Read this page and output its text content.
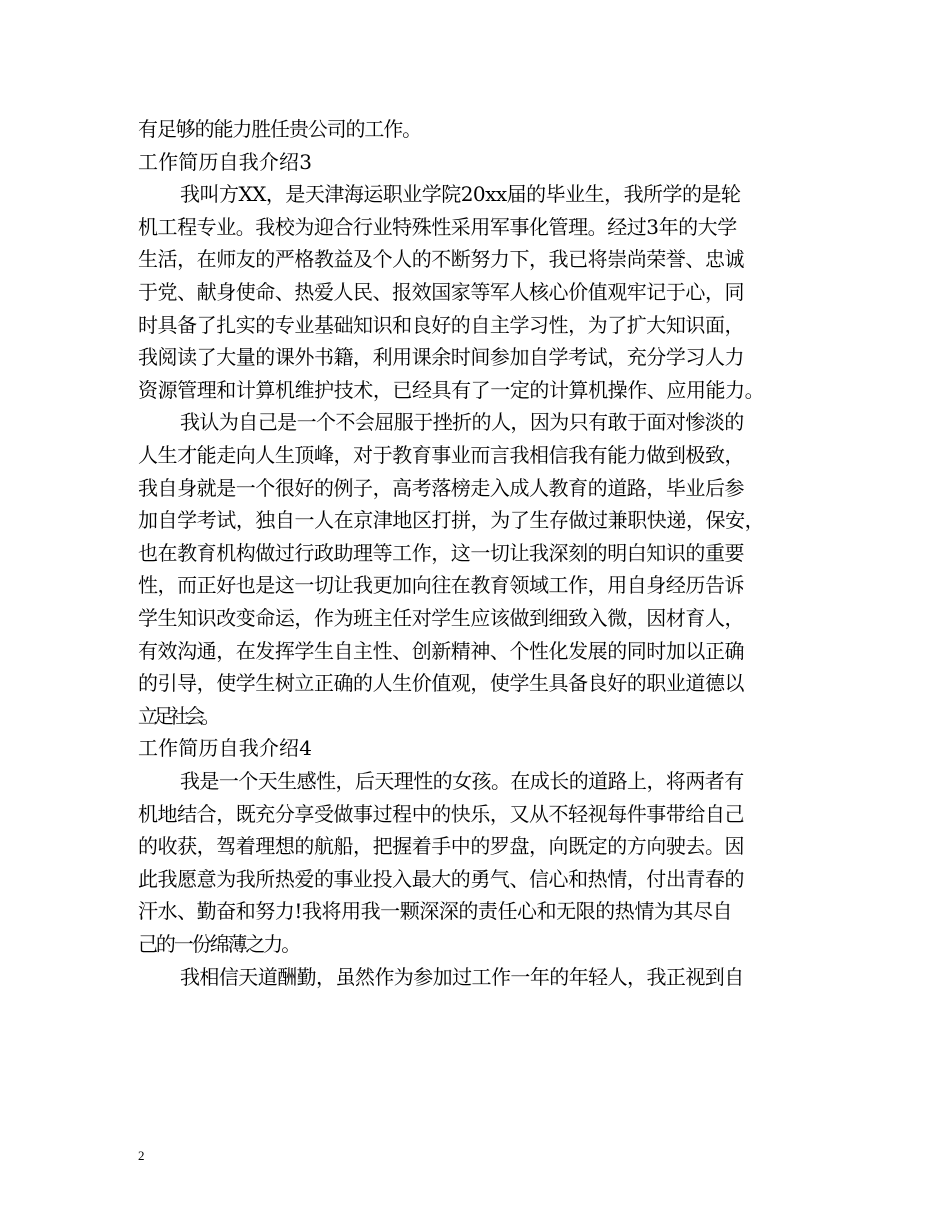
有足够的能力胜任贵公司的工作。
工作简历自我介绍3
我叫方XX，是天津海运职业学院20xx届的毕业生，我所学的是轮
机工程专业。我校为迎合行业特殊性采用军事化管理。经过3年的大学
生活，在师友的严格教益及个人的不断努力下，我已将崇尚荣誉、忠诚
于党、献身使命、热爱人民、报效国家等军人核心价值观牢记于心，同
时具备了扎实的专业基础知识和良好的自主学习性，为了扩大知识面，
我阅读了大量的课外书籍，利用课余时间参加自学考试，充分学习人力
资源管理和计算机维护技术，已经具有了一定的计算机操作、应用能力。
我认为自己是一个不会屈服于挫折的人，因为只有敢于面对惨淡的
人生才能走向人生顶峰，对于教育事业而言我相信我有能力做到极致，
我自身就是一个很好的例子，高考落榜走入成人教育的道路，毕业后参
加自学考试，独自一人在京津地区打拼，为了生存做过兼职快递，保安，
也在教育机构做过行政助理等工作，这一切让我深刻的明白知识的重要
性，而正好也是这一切让我更加向往在教育领域工作，用自身经历告诉
学生知识改变命运，作为班主任对学生应该做到细致入微，因材育人，
有效沟通，在发挥学生自主性、创新精神、个性化发展的同时加以正确
的引导，使学生树立正确的人生价值观，使学生具备良好的职业道德以
立足社会。
工作简历自我介绍4
我是一个天生感性，后天理性的女孩。在成长的道路上，将两者有
机地结合，既充分享受做事过程中的快乐，又从不轻视每件事带给自己
的收获，驾着理想的航船，把握着手中的罗盘，向既定的方向驶去。因
此我愿意为我所热爱的事业投入最大的勇气、信心和热情，付出青春的
汗水、勤奋和努力!我将用我一颗深深的责任心和无限的热情为其尽自
己的一份绵薄之力。
我相信天道酬勤，虽然作为参加过工作一年的年轻人，我正视到自
2
